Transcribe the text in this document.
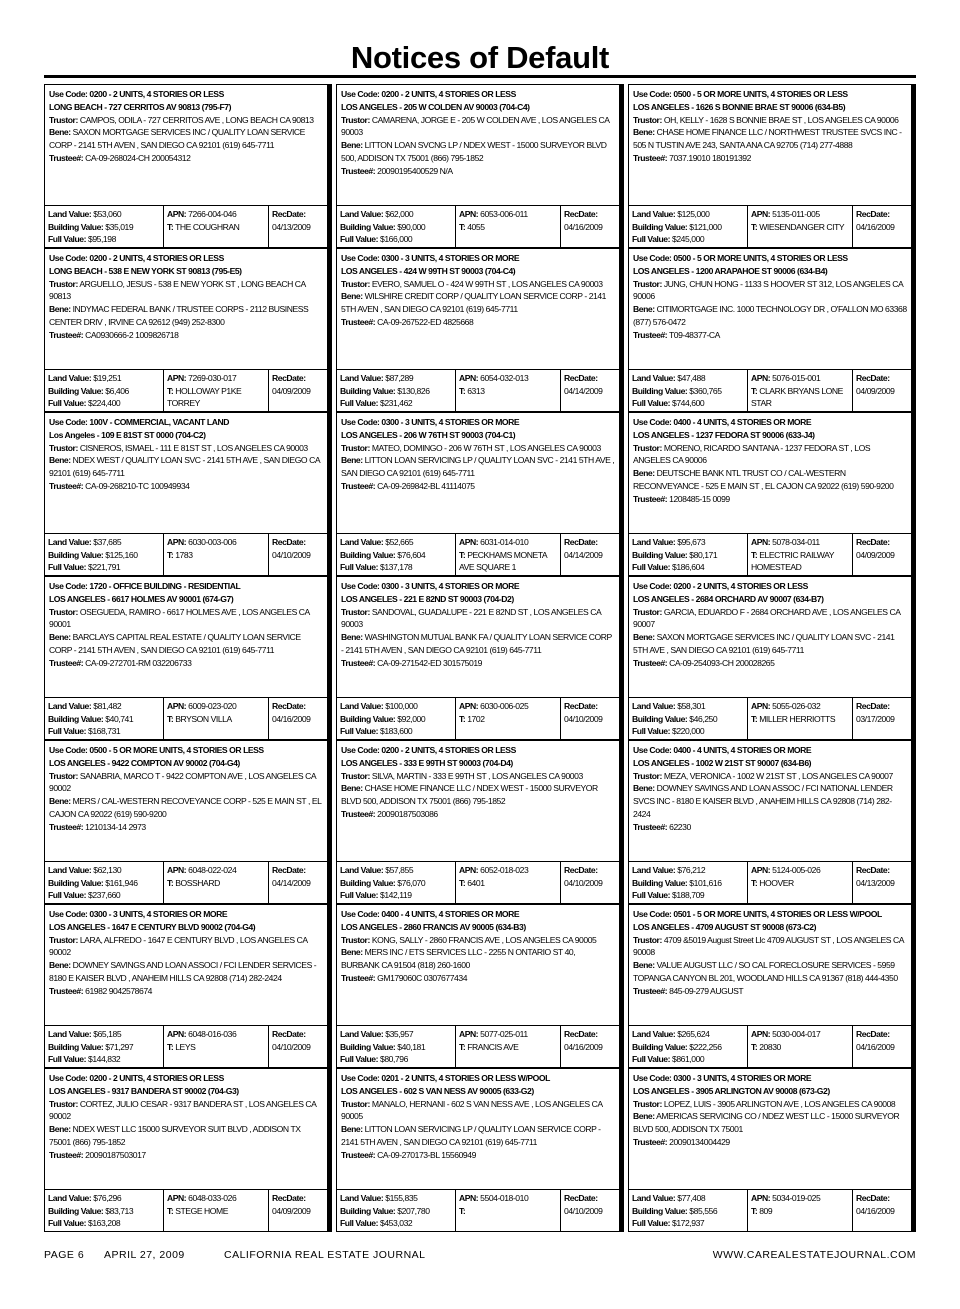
Notices of Default
Use Code: 0200 - 2 UNITS, 4 STORIES OR LESS
LONG BEACH - 727 CERRITOS AV 90813 (795-F7)
Trustor: CAMPOS, ODILA - 727 CERRITOS AVE , LONG BEACH CA 90813
Bene: SAXON MORTGAGE SERVICES INC / QUALITY LOAN SERVICE CORP - 2141 5TH AVEN , SAN DIEGO CA 92101 (619) 645-7711
Trustee#: CA-09-268024-CH 200054312
Land Value: $53,060
Building Value: $35,019
Full Value: $95,198
APN: 7266-004-046
T: THE COUGHRAN
RecDate:
04/13/2009
Use Code: 0200 - 2 UNITS, 4 STORIES OR LESS
LONG BEACH - 538 E NEW YORK ST 90813 (795-E5)
Trustor: ARGUELLO, JESUS - 538 E NEW YORK ST , LONG BEACH CA 90813
Bene: INDYMAC FEDERAL BANK / TRUSTEE CORPS - 2112 BUSINESS CENTER DRIV , IRVINE CA 92612 (949) 252-8300
Trustee#: CA0930666-2 1009826718
Land Value: $19,251
Building Value: $6,406
Full Value: $224,400
APN: 7269-030-017
T: HOLLOWAY P1KE TORREY
RecDate:
04/09/2009
Use Code: 100V - COMMERCIAL, VACANT LAND
Los Angeles - 109 E 81ST ST 0000 (704-C2)
Trustor: CISNEROS, ISMAEL - 111 E 81ST ST , LOS ANGELES CA 90003
Bene: NDEX WEST / QUALITY LOAN SVC - 2141 5TH AVE , SAN DIEGO CA 92101 (619) 645-7711
Trustee#: CA-09-268210-TC 100949934
Land Value: $37,685
Building Value: $125,160
Full Value: $221,791
APN: 6030-003-006
T: 1783
RecDate:
04/10/2009
Use Code: 1720 - OFFICE BUILDING - RESIDENTIAL
LOS ANGELES - 6617 HOLMES AV 90001 (674-G7)
Trustor: OSEGUEDA, RAMIRO - 6617 HOLMES AVE , LOS ANGELES CA 90001
Bene: BARCLAYS CAPITAL REAL ESTATE / QUALITY LOAN SERVICE CORP - 2141 5TH AVEN , SAN DIEGO CA 92101 (619) 645-7711
Trustee#: CA-09-272701-RM 032206733
Land Value: $81,482
Building Value: $40,741
Full Value: $168,731
APN: 6009-023-020
T: BRYSON VILLA
RecDate:
04/16/2009
Use Code: 0500 - 5 OR MORE UNITS, 4 STORIES OR LESS
LOS ANGELES - 9422 COMPTON AV 90002 (704-G4)
Trustor: SANABRIA, MARCO T - 9422 COMPTON AVE , LOS ANGELES CA 90002
Bene: MERS / CAL-WESTERN RECOVEYANCE CORP - 525 E MAIN ST , EL CAJON CA 92022 (619) 590-9200
Trustee#: 1210134-14 2973
Land Value: $62,130
Building Value: $161,946
Full Value: $237,660
APN: 6048-022-024
T: BOSSHARD
RecDate:
04/14/2009
Use Code: 0300 - 3 UNITS, 4 STORIES OR MORE
LOS ANGELES - 1647 E CENTURY BLVD 90002 (704-G4)
Trustor: LARA, ALFREDO - 1647 E CENTURY BLVD , LOS ANGELES CA 90002
Bene: DOWNEY SAVINGS AND LOAN ASSOCI / FCI LENDER SERVICES - 8180 E KAISER BLVD , ANAHEIM HILLS CA 92808 (714) 282-2424
Trustee#: 61982 9042578674
Land Value: $65,185
Building Value: $71,297
Full Value: $144,832
APN: 6048-016-036
T: LEYS
RecDate:
04/10/2009
Use Code: 0200 - 2 UNITS, 4 STORIES OR LESS
LOS ANGELES - 9317 BANDERA ST 90002 (704-G3)
Trustor: CORTEZ, JULIO CESAR - 9317 BANDERA ST , LOS ANGELES CA 90002
Bene: NDEX WEST LLC 15000 SURVEYOR SUIT BLVD , ADDISON TX 75001 (866) 795-1852
Trustee#: 20090187503017
Land Value: $76,296
Building Value: $83,713
Full Value: $163,208
APN: 6048-033-026
T: STEGE HOME
RecDate:
04/09/2009
Use Code: 0200 - 2 UNITS, 4 STORIES OR LESS
LOS ANGELES - 205 W COLDEN AV 90003 (704-C4)
Trustor: CAMARENA, JORGE E - 205 W COLDEN AVE , LOS ANGELES CA 90003
Bene: LITTON LOAN SVCNG LP / NDEX WEST - 15000 SURVEYOR BLVD 500, ADDISON TX 75001 (866) 795-1852
Trustee#: 20090195400529 N/A
Land Value: $62,000
Building Value: $90,000
Full Value: $166,000
APN: 6053-006-011
T: 4055
RecDate:
04/16/2009
Use Code: 0300 - 3 UNITS, 4 STORIES OR MORE
LOS ANGELES - 424 W 99TH ST 90003 (704-C4)
Trustor: EVERO, SAMUEL O - 424 W 99TH ST , LOS ANGELES CA 90003
Bene: WILSHIRE CREDIT CORP / QUALITY LOAN SERVICE CORP - 2141 5TH AVEN , SAN DIEGO CA 92101 (619) 645-7711
Trustee#: CA-09-267522-ED 4825668
Land Value: $87,289
Building Value: $130,826
Full Value: $231,462
APN: 6054-032-013
T: 6313
RecDate:
04/14/2009
Use Code: 0300 - 3 UNITS, 4 STORIES OR MORE
LOS ANGELES - 206 W 76TH ST 90003 (704-C1)
Trustor: MATEO, DOMINGO - 206 W 76TH ST , LOS ANGELES CA 90003
Bene: LITTON LOAN SERVICING LP / QUALITY LOAN SVC - 2141 5TH AVE , SAN DIEGO CA 92101 (619) 645-7711
Trustee#: CA-09-269842-BL 41114075
Land Value: $52,665
Building Value: $76,604
Full Value: $137,178
APN: 6031-014-010
T: PECKHAMS MONETA AVE SQUARE 1
RecDate:
04/14/2009
Use Code: 0300 - 3 UNITS, 4 STORIES OR MORE
LOS ANGELES - 221 E 82ND ST 90003 (704-D2)
Trustor: SANDOVAL, GUADALUPE - 221 E 82ND ST , LOS ANGELES CA 90003
Bene: WASHINGTON MUTUAL BANK FA / QUALITY LOAN SERVICE CORP - 2141 5TH AVEN , SAN DIEGO CA 92101 (619) 645-7711
Trustee#: CA-09-271542-ED 301575019
Land Value: $100,000
Building Value: $92,000
Full Value: $183,600
APN: 6030-006-025
T: 1702
RecDate:
04/10/2009
Use Code: 0200 - 2 UNITS, 4 STORIES OR LESS
LOS ANGELES - 333 E 99TH ST 90003 (704-D4)
Trustor: SILVA, MARTIN - 333 E 99TH ST , LOS ANGELES CA 90003
Bene: CHASE HOME FINANCE LLC / NDEX WEST - 15000 SURVEYOR BLVD 500, ADDISON TX 75001 (866) 795-1852
Trustee#: 20090187503086
Land Value: $57,855
Building Value: $76,070
Full Value: $142,119
APN: 6052-018-023
T: 6401
RecDate:
04/10/2009
Use Code: 0400 - 4 UNITS, 4 STORIES OR MORE
LOS ANGELES - 2860 FRANCIS AV 90005 (634-B3)
Trustor: KONG, SALLY - 2860 FRANCIS AVE , LOS ANGELES CA 90005
Bene: MERS INC / ETS SERVICES LLC - 2255 N ONTARIO ST 40, BURBANK CA 91504 (818) 260-1600
Trustee#: GM179060C 0307677434
Land Value: $35,957
Building Value: $40,181
Full Value: $80,796
APN: 5077-025-011
T: FRANCIS AVE
RecDate:
04/16/2009
Use Code: 0201 - 2 UNITS, 4 STORIES OR LESS W/POOL
LOS ANGELES - 602 S VAN NESS AV 90005 (633-G2)
Trustor: MANALO, HERNANI - 602 S VAN NESS AVE , LOS ANGELES CA 90005
Bene: LITTON LOAN SERVICING LP / QUALITY LOAN SERVICE CORP - 2141 5TH AVEN , SAN DIEGO CA 92101 (619) 645-7711
Trustee#: CA-09-270173-BL 15560949
Land Value: $155,835
Building Value: $207,780
Full Value: $453,032
APN: 5504-018-010
T:
RecDate:
04/10/2009
Use Code: 0500 - 5 OR MORE UNITS, 4 STORIES OR LESS
LOS ANGELES - 1626 S BONNIE BRAE ST 90006 (634-B5)
Trustor: OH, KELLY - 1628 S BONNIE BRAE ST , LOS ANGELES CA 90006
Bene: CHASE HOME FINANCE LLC / NORTHWEST TRUSTEE SVCS INC - 505 N TUSTIN AVE 243, SANTA ANA CA 92705 (714) 277-4888
Trustee#: 7037.19010 180191392
Land Value: $125,000
Building Value: $121,000
Full Value: $245,000
APN: 5135-011-005
T: WIESENDANGER CITY
RecDate:
04/16/2009
Use Code: 0500 - 5 OR MORE UNITS, 4 STORIES OR LESS
LOS ANGELES - 1200 ARAPAHOE ST 90006 (634-B4)
Trustor: JUNG, CHUN HONG - 1133 S HOOVER ST 312, LOS ANGELES CA 90006
Bene: CITIMORTGAGE INC. 1000 TECHNOLOGY DR , O'FALLON MO 63368 (877) 576-0472
Trustee#: T09-48377-CA
Land Value: $47,488
Building Value: $360,765
Full Value: $744,600
APN: 5076-015-001
T: CLARK BRYANS LONE STAR
RecDate:
04/09/2009
Use Code: 0400 - 4 UNITS, 4 STORIES OR MORE
LOS ANGELES - 1237 FEDORA ST 90006 (633-J4)
Trustor: MORENO, RICARDO SANTANA - 1237 FEDORA ST , LOS ANGELES CA 90006
Bene: DEUTSCHE BANK NTL TRUST CO / CAL-WESTERN RECONVEYANCE - 525 E MAIN ST , EL CAJON CA 92022 (619) 590-9200
Trustee#: 1208485-15 0099
Land Value: $95,673
Building Value: $80,171
Full Value: $186,604
APN: 5078-034-011
T: ELECTRIC RAILWAY HOMESTEAD
RecDate:
04/09/2009
Use Code: 0200 - 2 UNITS, 4 STORIES OR LESS
LOS ANGELES - 2684 ORCHARD AV 90007 (634-B7)
Trustor: GARCIA, EDUARDO F - 2684 ORCHARD AVE , LOS ANGELES CA 90007
Bene: SAXON MORTGAGE SERVICES INC / QUALITY LOAN SVC - 2141 5TH AVE , SAN DIEGO CA 92101 (619) 645-7711
Trustee#: CA-09-254093-CH 200028265
Land Value: $58,301
Building Value: $46,250
Full Value: $220,000
APN: 5055-026-032
T: MILLER HERRIOTTS
RecDate:
03/17/2009
Use Code: 0400 - 4 UNITS, 4 STORIES OR MORE
LOS ANGELES - 1002 W 21ST ST 90007 (634-B6)
Trustor: MEZA, VERONICA - 1002 W 21ST ST , LOS ANGELES CA 90007
Bene: DOWNEY SAVINGS AND LOAN ASSOC / FCI NATIONAL LENDER SVCS INC - 8180 E KAISER BLVD , ANAHEIM HILLS CA 92808 (714) 282-2424
Trustee#: 62230
Land Value: $76,212
Building Value: $101,616
Full Value: $188,709
APN: 5124-005-026
T: HOOVER
RecDate:
04/13/2009
Use Code: 0501 - 5 OR MORE UNITS, 4 STORIES OR LESS W/POOL
LOS ANGELES - 4709 AUGUST ST 90008 (673-C2)
Trustor: 4709 &5019 August Street Llc 4709 AUGUST ST , LOS ANGELES CA 90008
Bene: VALUE AUGUST LLC / SO CAL FORECLOSURE SERVICES - 5959 TOPANGA CANYON BL 201, WOODLAND HILLS CA 91367 (818) 444-4350
Trustee#: 845-09-279 AUGUST
Land Value: $265,624
Building Value: $222,256
Full Value: $861,000
APN: 5030-004-017
T: 20830
RecDate:
04/16/2009
Use Code: 0300 - 3 UNITS, 4 STORIES OR MORE
LOS ANGELES - 3905 ARLINGTON AV 90008 (673-G2)
Trustor: LOPEZ, LUIS - 3905 ARLINGTON AVE , LOS ANGELES CA 90008
Bene: AMERICAS SERVICING CO / NDEZ WEST LLC - 15000 SURVEYOR BLVD 500, ADDISON TX 75001
Trustee#: 20090134004429
Land Value: $77,408
Building Value: $85,556
Full Value: $172,937
APN: 5034-019-025
T: 809
RecDate:
04/16/2009
PAGE 6 APRIL 27, 2009	CALIFORNIA REAL ESTATE JOURNAL	WWW.CAREALESTATEJOURNAL.COM
